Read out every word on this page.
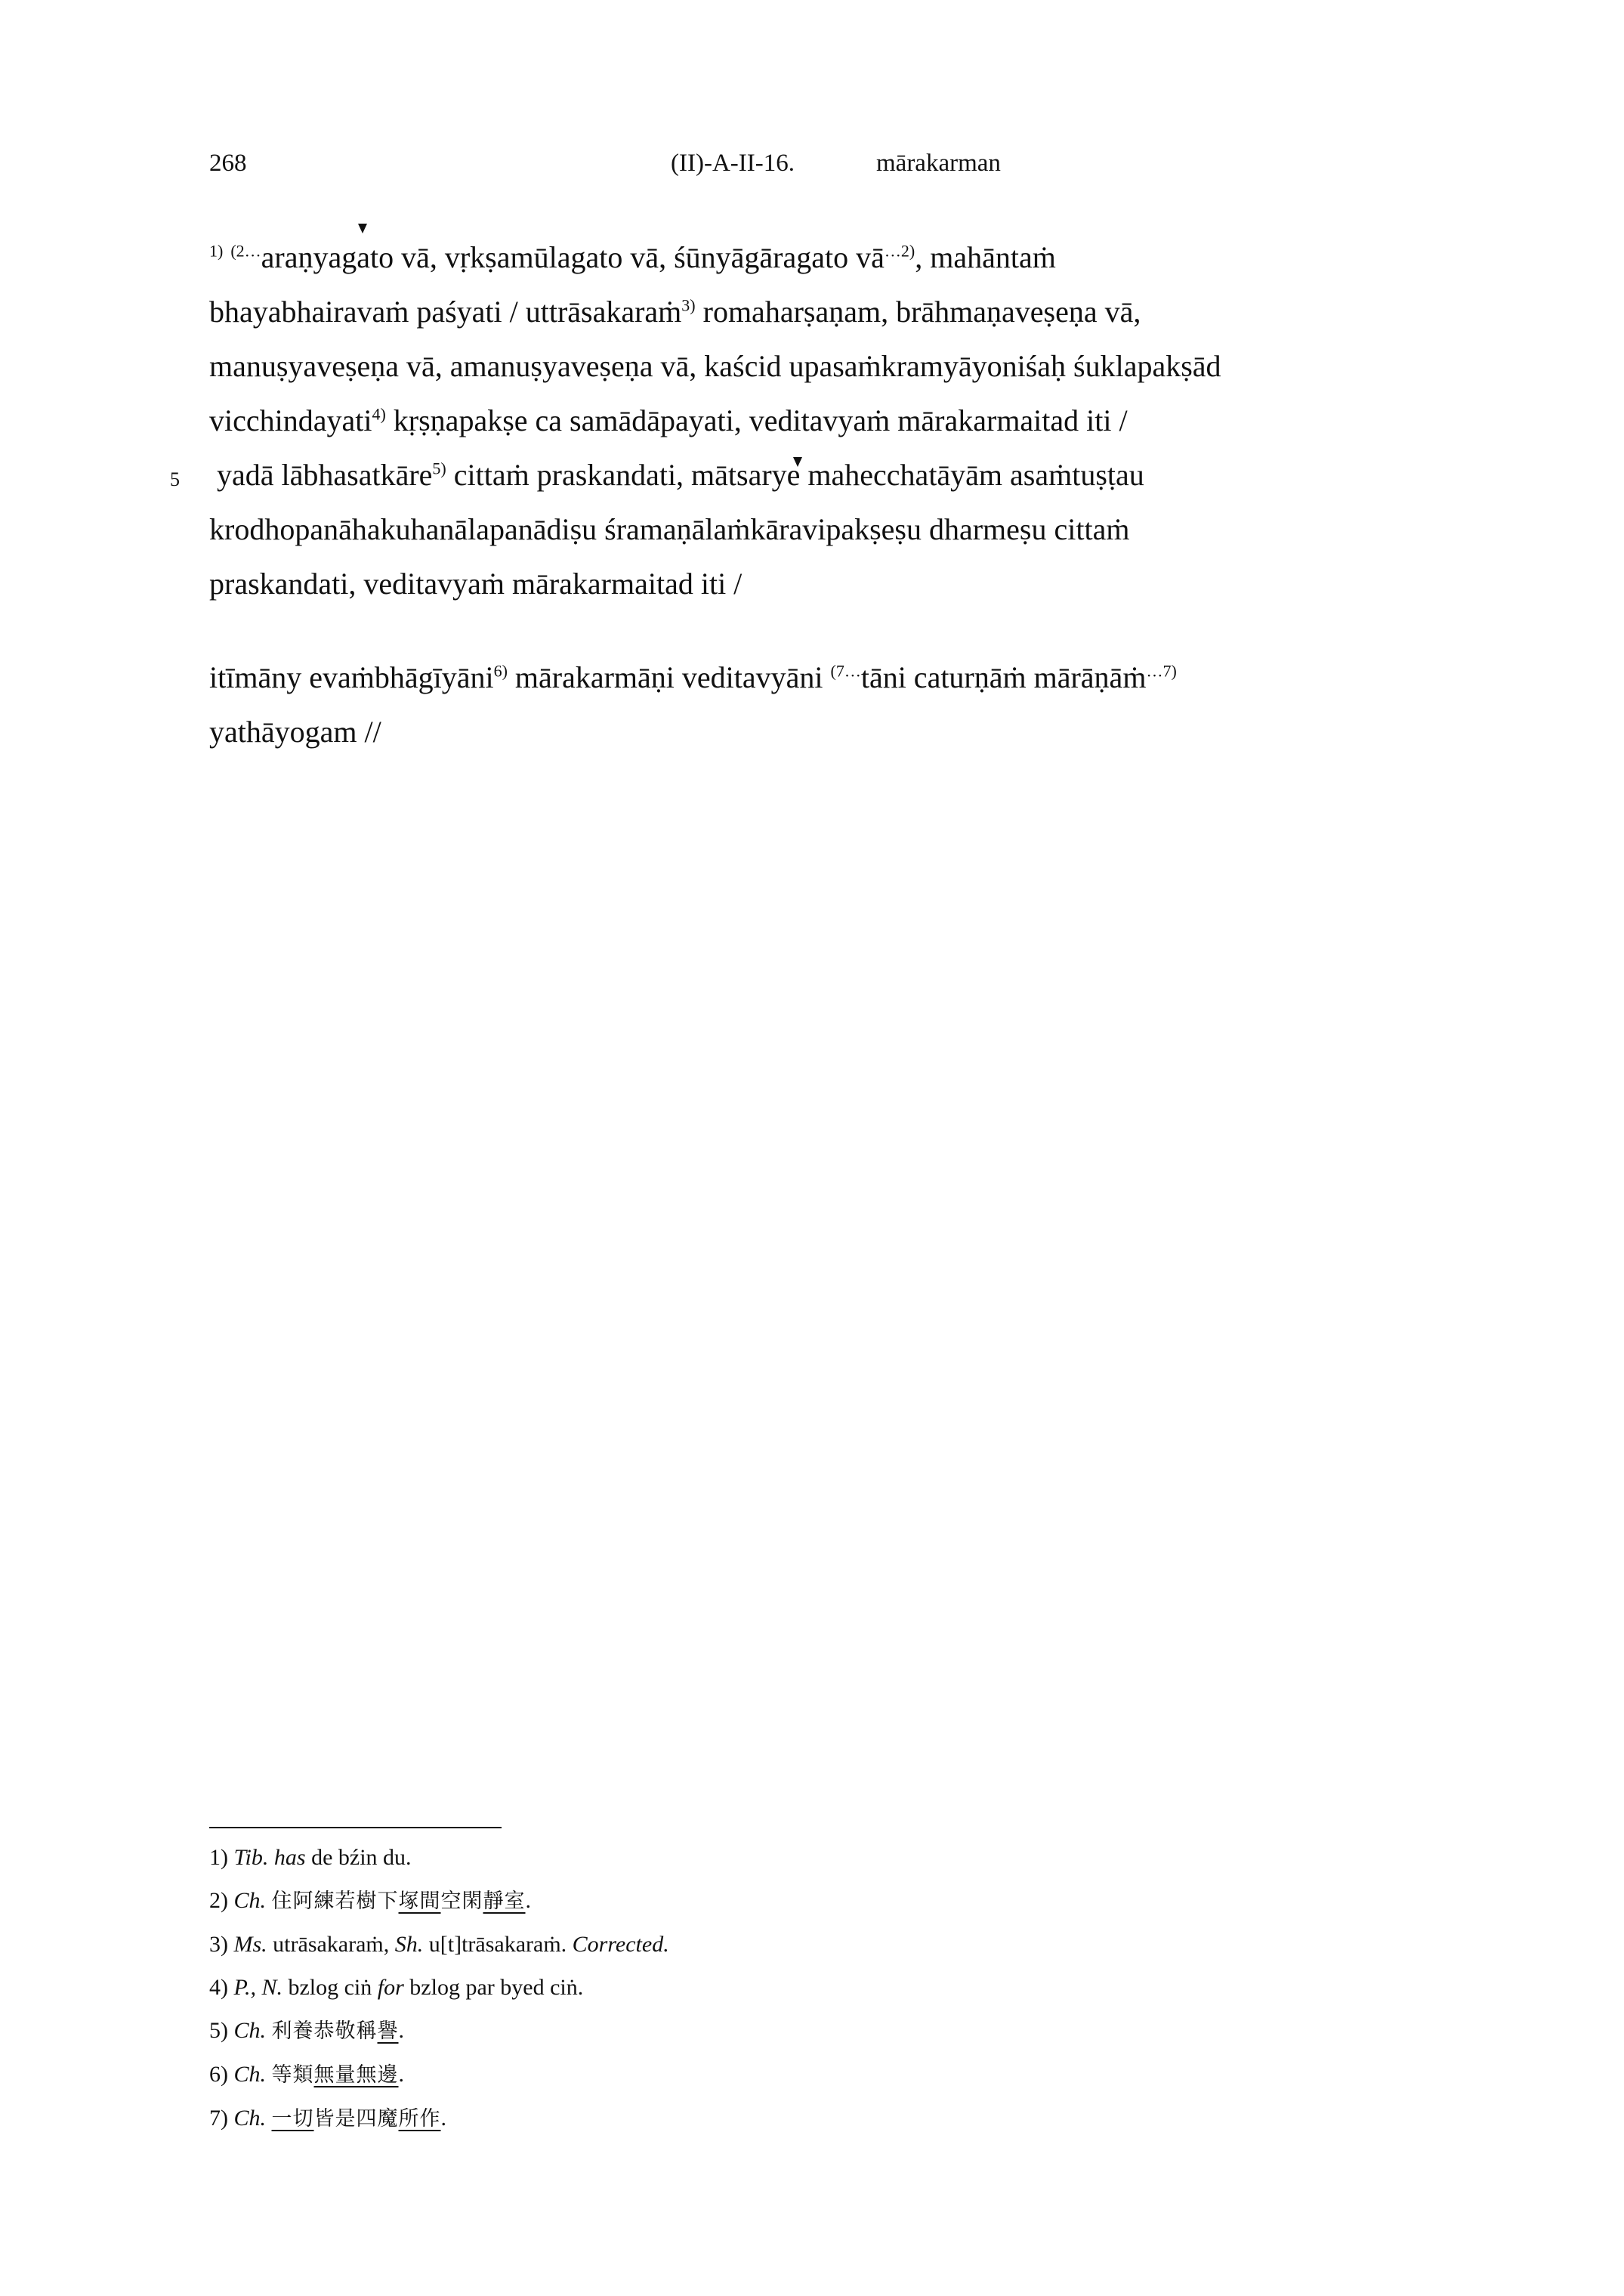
268	(II)-A-II-16.	mārakarman
$^{1)}$ $^{(2\dots}$araṇyagato vā, vṛkṣamūlagato vā, śūnyāgāragato $vā^{\dots 2)}$, mahāntaṁ
bhayabhairavaṁ paśyati / uttrāsakaraṁ$^{3)}$ romaharṣaṇam, brāhmaṇaveṣeṇa vā,
manuṣyaveṣeṇa vā, amanuṣyaveṣeṇa vā, kaścid upasaṁkramyāyoniśaḥ śuklapakṣād
vicchindayati$^{4)}$ kṛṣṇapakṣe ca samādāpayati, veditavyaṁ mārakarmaitad iti /
5 yadā lābhasatkāre$^{5)}$ cittaṁ praskandati, mātsarye mahecchatāyām asaṁtuṣṭau
krodhopanāhakuhanālapanādiṣu śramaṇālaṁkāravipakṣeṣu dharmeṣu cittaṁ
praskandati, veditavyaṁ mārakarmaitad iti /
itīmāny evaṁbhāgīyāni$^{6)}$ mārakarmāṇi veditavyāni $^{(7\dots}$tāni caturṇāṁ mārāṇāṁ$^{\dots 7)}$
yathāyogam //
1) Tib. has de bźin du.
2) Ch. 住阿練若樹下塚間空閑靜室.
3) Ms. utrāsakaraṁ, Sh. u[t]trāsakaraṁ. Corrected.
4) P., N. bzlog ciṅ for bzlog par byed ciṅ.
5) Ch. 利養恭敬稱譽.
6) Ch. 等類無量無邊.
7) Ch. 一切皆是四魔所作.
